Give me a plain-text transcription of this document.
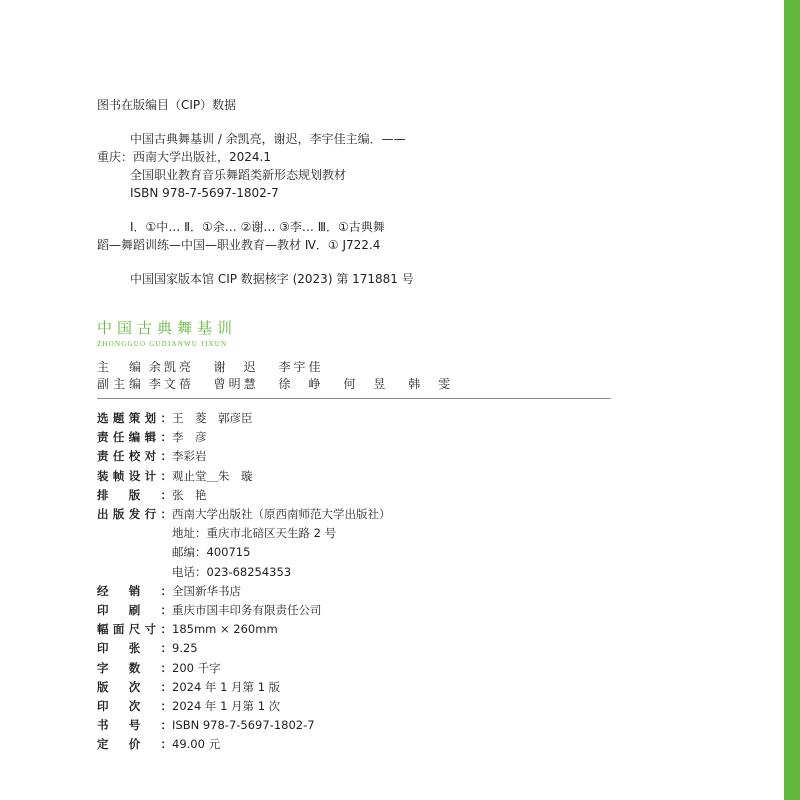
图书在版编目（CIP）数据
中国古典舞基训 / 余凯亮，谢迟，李宇佳主编．——
重庆：西南大学出版社，2024.1
全国职业教育音乐舞蹈类新形态规划教材
ISBN 978-7-5697-1802-7
Ⅰ．①中… Ⅱ．①余… ②谢… ③李… Ⅲ．①古典舞
蹈—舞蹈训练—中国—职业教育—教材 Ⅳ．① J722.4
中国国家版本馆 CIP 数据核字 (2023) 第 171881 号
中国古典舞基训
ZHONGGUO GUDIANWU JIXUN
主　编 余凯亮 谢　迟 李宇佳
副主编 李文蓓 曾明慧 徐　峥 何　昱 韩　雯
选 题 策 划 ： 王　菱　郭彦臣
责 任 编 辑 ： 李　彦
责 任 校 对 ： 李彩岩
装 帧 设 计 ： 观止堂＿朱　璇
排 版 ： 张　艳
出 版 发 行 ： 西南大学出版社（原西南师范大学出版社）
地址：重庆市北碚区天生路 2 号
邮编：400715
电话：023-68254353
经 销 ： 全国新华书店
印 刷 ： 重庆市国丰印务有限责任公司
幅 面 尺 寸 ： 185mm × 260mm
印 张 ： 9.25
字 数 ： 200 千字
版 次 ： 2024 年 1 月第 1 版
印 次 ： 2024 年 1 月第 1 次
书 号 ： ISBN 978-7-5697-1802-7
定 价 ： 49.00 元
